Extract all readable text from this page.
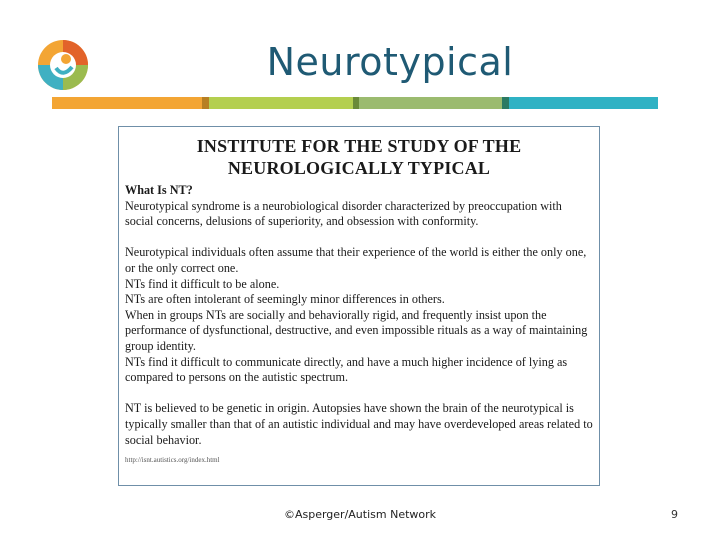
Neurotypical
INSTITUTE FOR THE STUDY OF THE
NEUROLOGICALLY TYPICAL

What Is NT?

Neurotypical syndrome is a neurobiological disorder characterized by preoccupation with social concerns, delusions of superiority, and obsession with conformity.

Neurotypical individuals often assume that their experience of the world is either the only one, or the only correct one.

NTs find it difficult to be alone.

NTs are often intolerant of seemingly minor differences in others.

When in groups NTs are socially and behaviorally rigid, and frequently insist upon the performance of dysfunctional, destructive, and even impossible rituals as a way of maintaining group identity.

NTs find it difficult to communicate directly, and have a much higher incidence of lying as compared to persons on the autistic spectrum.

NT is believed to be genetic in origin. Autopsies have shown the brain of the neurotypical is typically smaller than that of an autistic individual and may have overdeveloped areas related to social behavior.

http://isnt.autistics.org/index.html
©Asperger/Autism Network	9
